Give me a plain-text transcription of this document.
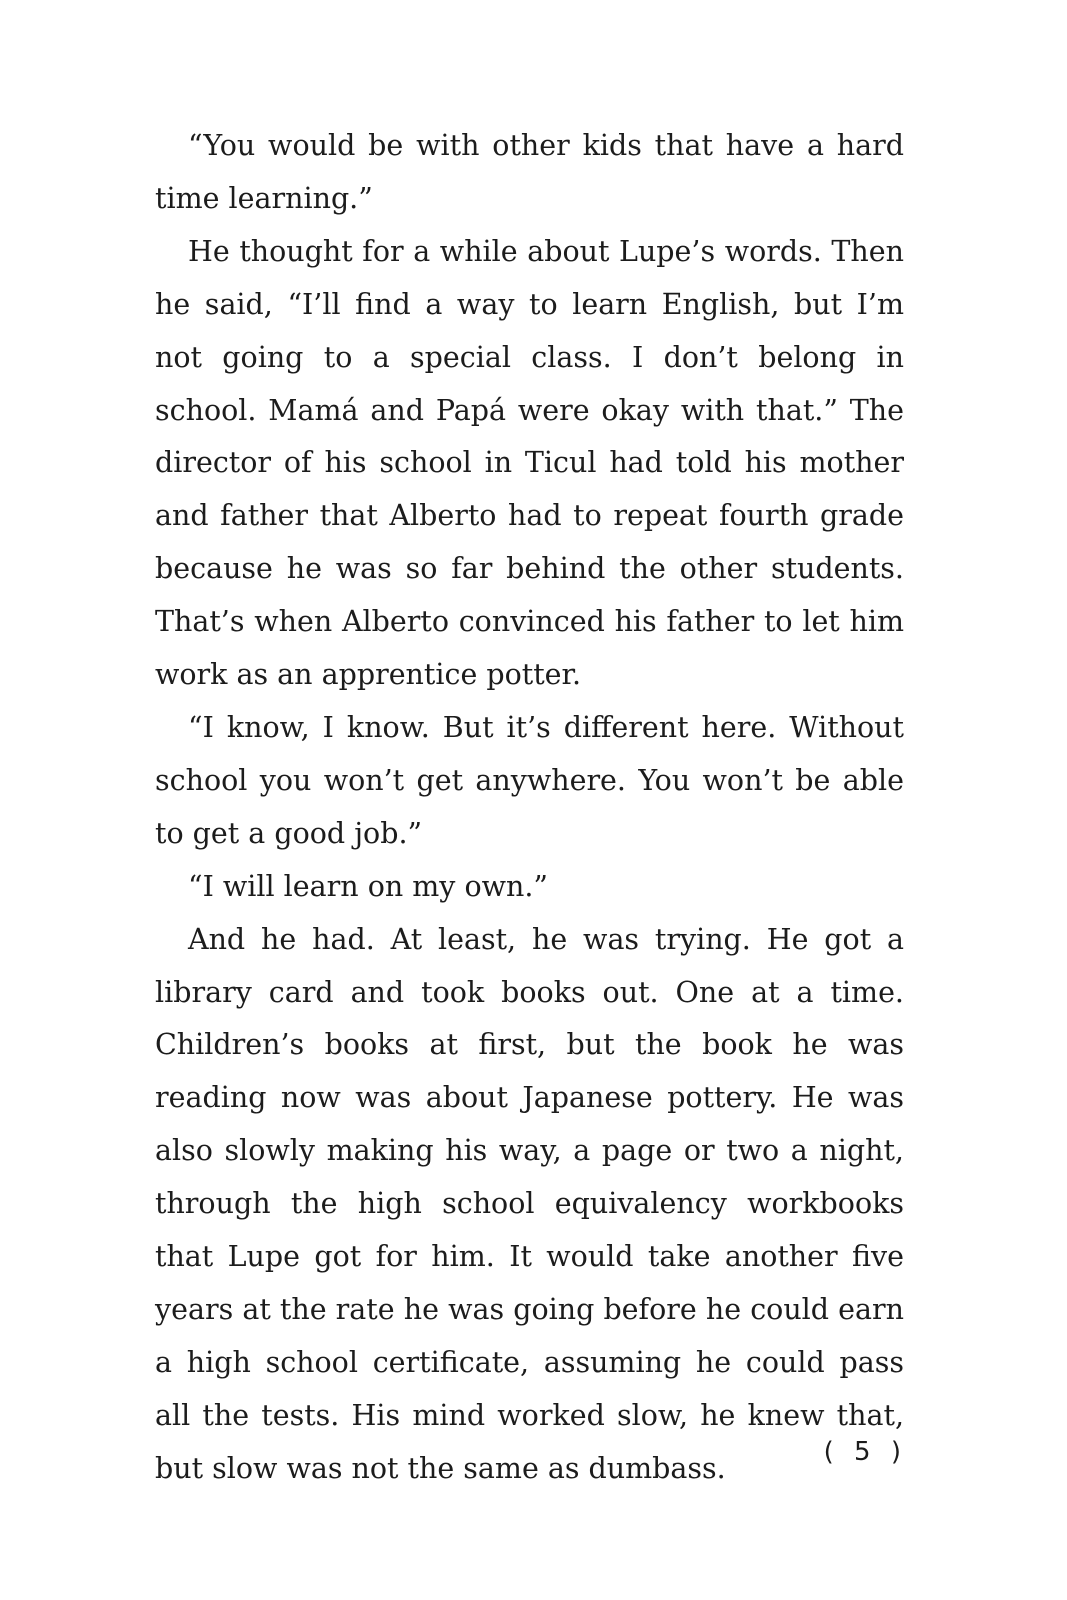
“You would be with other kids that have a hard time learning.”

He thought for a while about Lupe’s words. Then he said, “I’ll find a way to learn English, but I’m not going to a special class. I don’t belong in school. Mamá and Papá were okay with that.” The director of his school in Ticul had told his mother and father that Alberto had to repeat fourth grade because he was so far behind the other students. That’s when Alberto convinced his father to let him work as an apprentice potter.

“I know, I know. But it’s different here. Without school you won’t get anywhere. You won’t be able to get a good job.”

“I will learn on my own.”

And he had. At least, he was trying. He got a library card and took books out. One at a time. Children’s books at first, but the book he was reading now was about Japanese pottery. He was also slowly making his way, a page or two a night, through the high school equivalency workbooks that Lupe got for him. It would take another five years at the rate he was going before he could earn a high school certificate, assuming he could pass all the tests. His mind worked slow, he knew that, but slow was not the same as dumbass.	( 5 )
